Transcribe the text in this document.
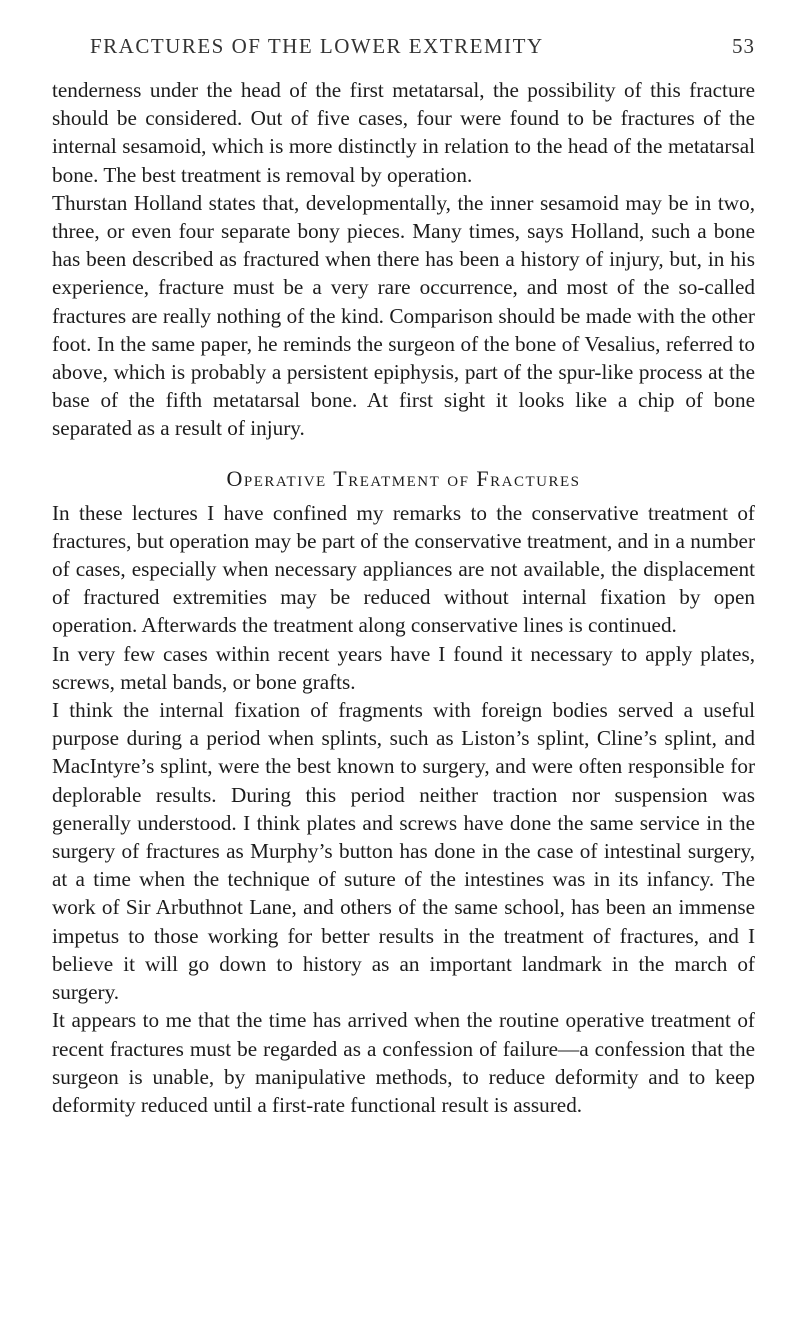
FRACTURES OF THE LOWER EXTREMITY	53

tenderness under the head of the first metatarsal, the possibility of this fracture should be considered. Out of five cases, four were found to be fractures of the internal sesamoid, which is more distinctly in relation to the head of the metatarsal bone. The best treatment is removal by operation.

Thurstan Holland states that, developmentally, the inner sesamoid may be in two, three, or even four separate bony pieces. Many times, says Holland, such a bone has been described as fractured when there has been a history of injury, but, in his experience, fracture must be a very rare occurrence, and most of the so-called fractures are really nothing of the kind. Comparison should be made with the other foot. In the same paper, he reminds the surgeon of the bone of Vesalius, referred to above, which is probably a persistent epiphysis, part of the spur-like process at the base of the fifth metatarsal bone. At first sight it looks like a chip of bone separated as a result of injury.

Operative Treatment of Fractures

In these lectures I have confined my remarks to the conservative treatment of fractures, but operation may be part of the conservative treatment, and in a number of cases, especially when necessary appliances are not available, the displacement of fractured extremities may be reduced without internal fixation by open operation. Afterwards the treatment along conservative lines is continued.

In very few cases within recent years have I found it necessary to apply plates, screws, metal bands, or bone grafts.

I think the internal fixation of fragments with foreign bodies served a useful purpose during a period when splints, such as Liston’s splint, Cline’s splint, and MacIntyre’s splint, were the best known to surgery, and were often responsible for deplorable results. During this period neither traction nor suspension was generally understood. I think plates and screws have done the same service in the surgery of fractures as Murphy’s button has done in the case of intestinal surgery, at a time when the technique of suture of the intestines was in its infancy. The work of Sir Arbuthnot Lane, and others of the same school, has been an immense impetus to those working for better results in the treatment of fractures, and I believe it will go down to history as an important landmark in the march of surgery.

It appears to me that the time has arrived when the routine operative treatment of recent fractures must be regarded as a confession of failure—a confession that the surgeon is unable, by manipulative methods, to reduce deformity and to keep deformity reduced until a first-rate functional result is assured.
